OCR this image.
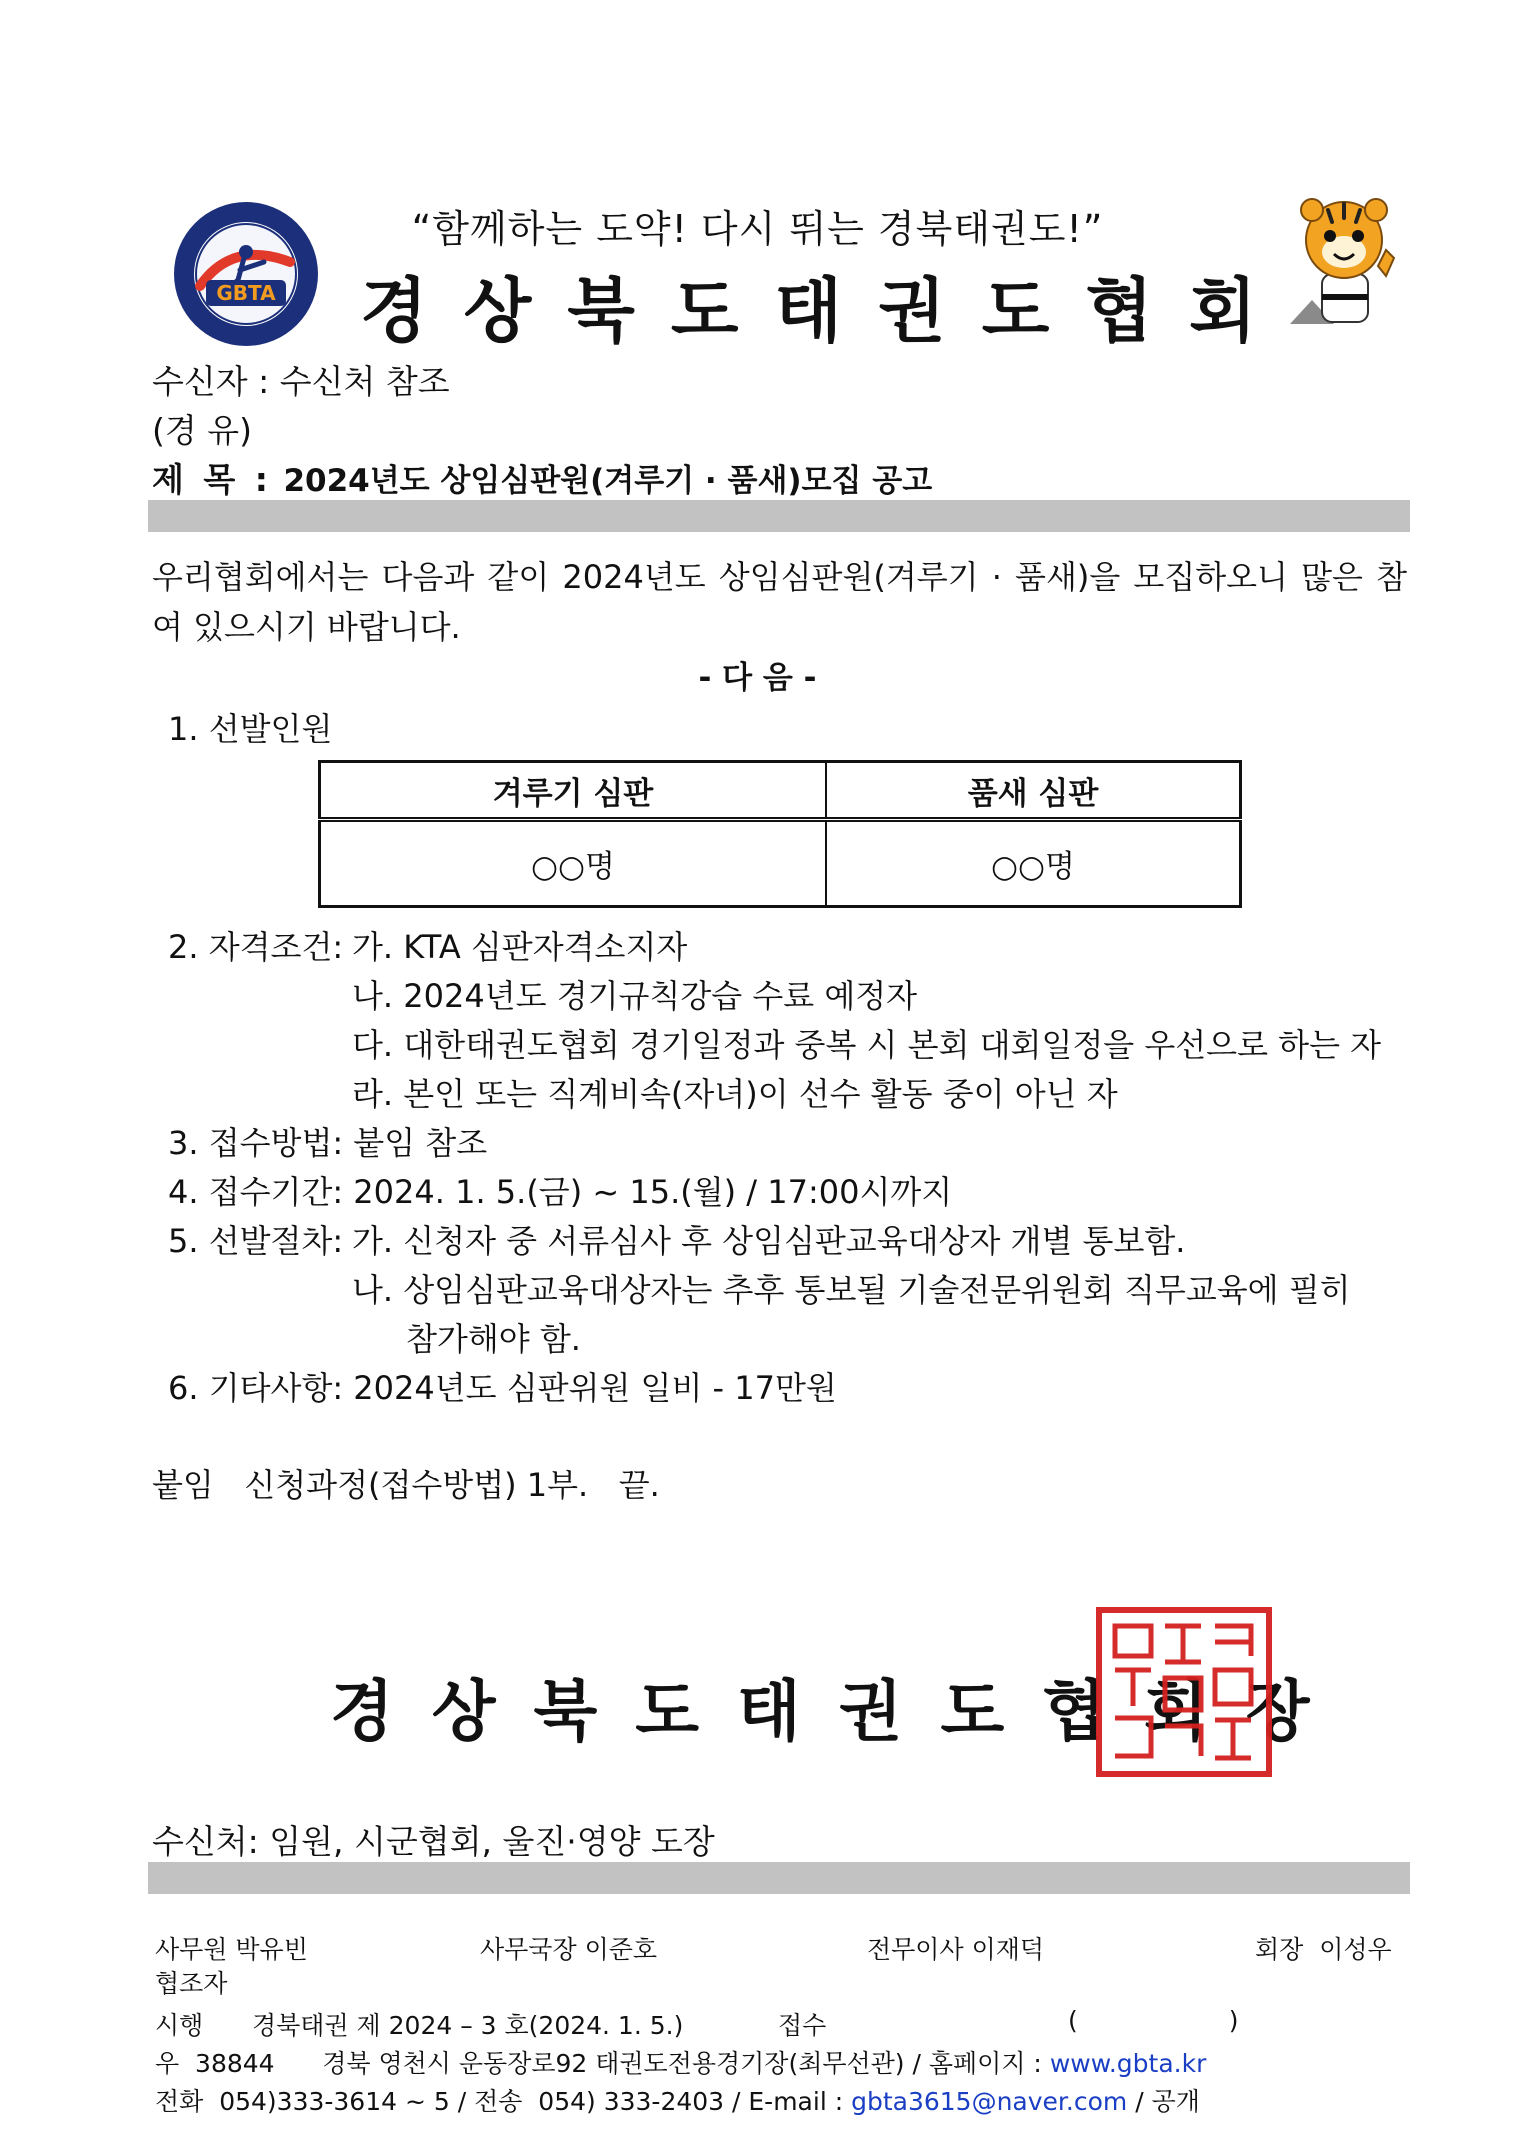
“함께하는 도약! 다시 뛰는 경북태권도!”
GBTA 경상북도태권도협회
수신자 : 수신처 참조
(경 유)
제 목 : 2024년도 상임심판원(겨루기 · 품새)모집 공고
우리협회에서는 다음과 같이 2024년도 상임심판원(겨루기 · 품새)을 모집하오니 많은 참여 있으시기 바랍니다.
- 다 음 -
1. 선발인원
겨루기 심판	품새 심판
○○명	○○명
2. 자격조건: 가. KTA 심판자격소지자
나. 2024년도 경기규칙강습 수료 예정자
다. 대한태권도협회 경기일정과 중복 시 본회 대회일정을 우선으로 하는 자
라. 본인 또는 직계비속(자녀)이 선수 활동 중이 아닌 자
3. 접수방법: 붙임 참조
4. 접수기간: 2024. 1. 5.(금) ~ 15.(월) / 17:00시까지
5. 선발절차: 가. 신청자 중 서류심사 후 상임심판교육대상자 개별 통보함.
나. 상임심판교육대상자는 추후 통보될 기술전문위원회 직무교육에 필히
참가해야 함.
6. 기타사항: 2024년도 심판위원 일비 - 17만원
붙임   신청과정(접수방법) 1부.   끝.
경상북도태권도협회장
수신처: 임원, 시군협회, 울진·영양 도장
사무원 박유빈	사무국장 이준호	전무이사 이재덕	회장 이성우
협조자
시행 경북태권 제 2024 – 3 호(2024. 1. 5.)	접수	(                   )
우  38844      경북 영천시 운동장로92 태권도전용경기장(최무선관) / 홈페이지 : www.gbta.kr
전화  054)333-3614 ~ 5 / 전송  054) 333-2403 / E-mail : gbta3615@naver.com / 공개
